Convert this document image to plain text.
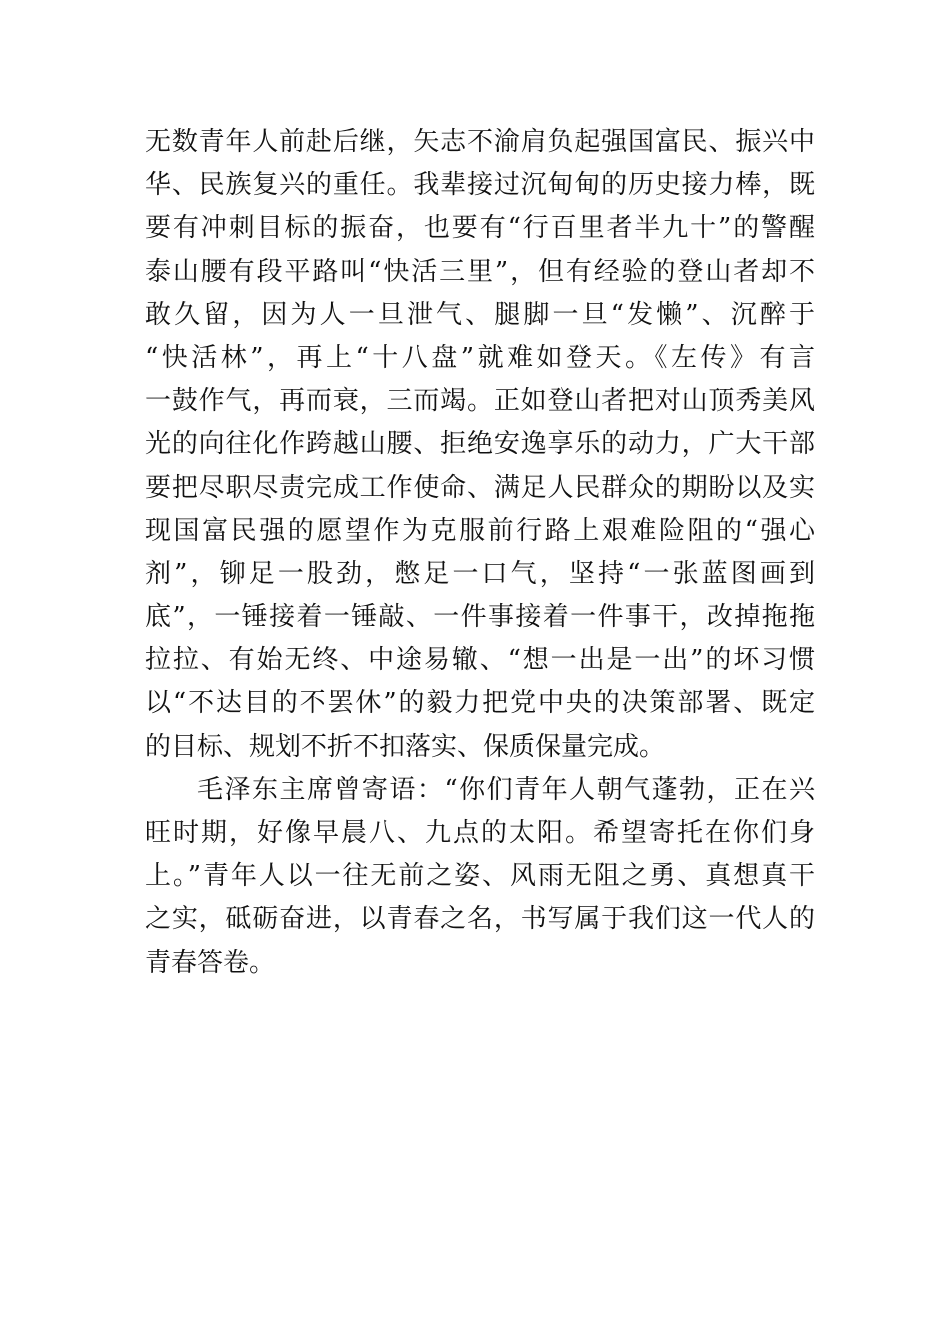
无数青年人前赴后继，矢志不渝肩负起强国富民、振兴中
华、民族复兴的重任。我辈接过沉甸甸的历史接力棒，既
要有冲刺目标的振奋，也要有“行百里者半九十”的警醒
泰山腰有段平路叫“快活三里”，但有经验的登山者却不
敢久留，因为人一旦泄气、腿脚一旦“发懒”、沉醉于
“快活林”，再上“十八盘”就难如登天。《左传》有言
一鼓作气，再而衰，三而竭。正如登山者把对山顶秀美风
光的向往化作跨越山腰、拒绝安逸享乐的动力，广大干部
要把尽职尽责完成工作使命、满足人民群众的期盼以及实
现国富民强的愿望作为克服前行路上艰难险阻的“强心
剂”，铆足一股劲，憋足一口气，坚持“一张蓝图画到
底”，一锤接着一锤敲、一件事接着一件事干，改掉拖拖
拉拉、有始无终、中途易辙、“想一出是一出”的坏习惯
以“不达目的不罢休”的毅力把党中央的决策部署、既定
的目标、规划不折不扣落实、保质保量完成。
毛泽东主席曾寄语：“你们青年人朝气蓬勃，正在兴
旺时期，好像早晨八、九点的太阳。希望寄托在你们身
上。”青年人以一往无前之姿、风雨无阻之勇、真想真干
之实，砥砺奋进，以青春之名，书写属于我们这一代人的
青春答卷。
